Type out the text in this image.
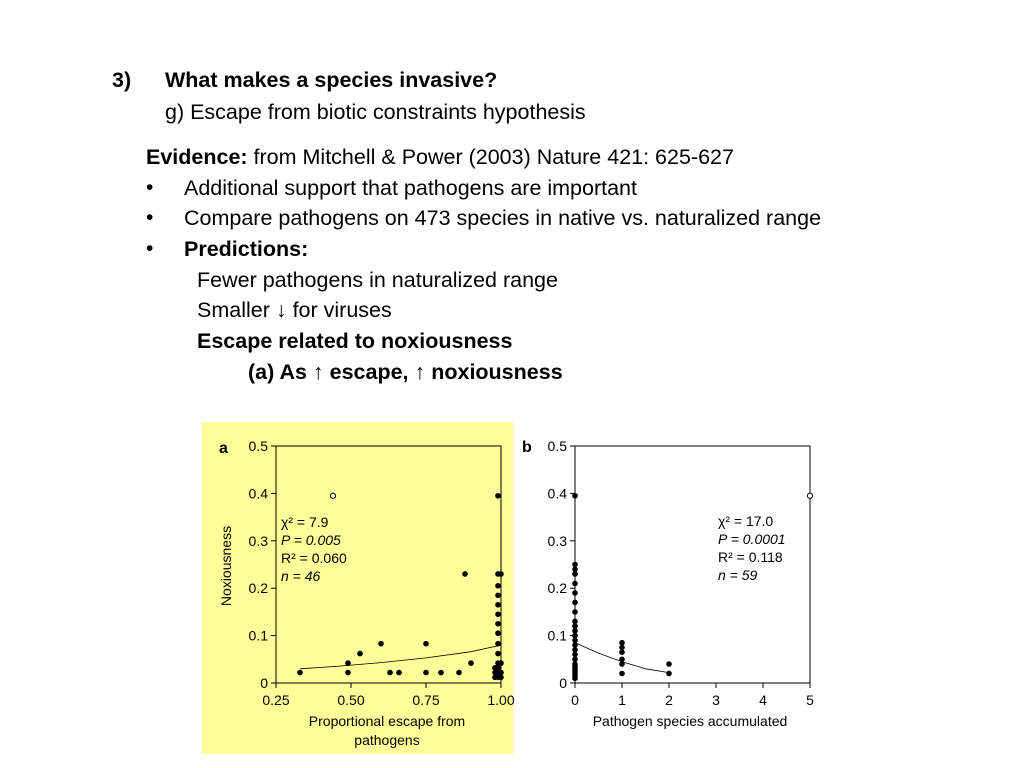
3) What makes a species invasive?
g) Escape from biotic constraints hypothesis
Evidence: from Mitchell & Power (2003) Nature 421: 625-627
• Additional support that pathogens are important
• Compare pathogens on 473 species in native vs. naturalized range
• Predictions:
Fewer pathogens in naturalized range
Smaller ↓ for viruses
Escape related to noxiousness
(a) As ↑ escape, ↑ noxiousness
a
Noxiousness
Proportional escape from
pathogens
χ² = 7.9
P = 0.005
R² = 0.060
n = 46
0
0.1
0.2
0.3
0.4
0.5
0.25	0.50	0.75	1.00
b
Pathogen species accumulated
χ² = 17.0
P = 0.0001
R² = 0.118
n = 59
0
0.1
0.2
0.3
0.4
0.5
0	1	2	3	4	5
